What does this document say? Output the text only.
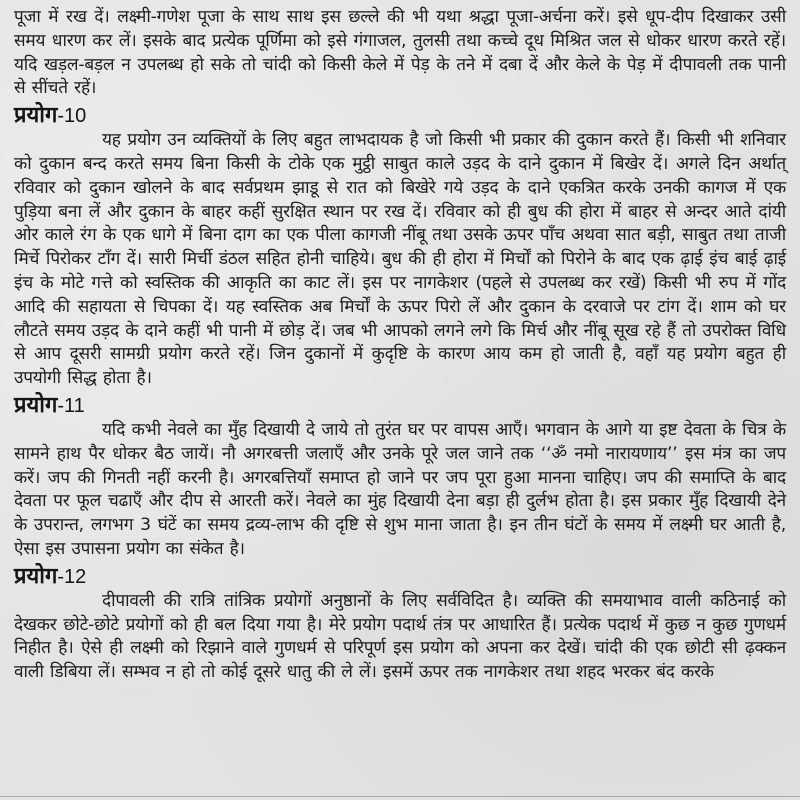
पूजा में रख दें। लक्ष्मी-गणेश पूजा के साथ साथ इस छल्ले की भी यथा श्रद्धा पूजा-अर्चना करें। इसे धूप-दीप दिखाकर उसी समय धारण कर लें। इसके बाद प्रत्येक पूर्णिमा को इसे गंगाजल, तुलसी तथा कच्चे दूध मिश्रित जल से धोकर धारण करते रहें। यदि खड़ल-बड़ल न उपलब्ध हो सके तो चांदी को किसी केले में पेड़ के तने में दबा दें और केले के पेड़ में दीपावली तक पानी से सींचते रहें।

प्रयोग-10

यह प्रयोग उन व्यक्तियों के लिए बहुत लाभदायक है जो किसी भी प्रकार की दुकान करते हैं। किसी भी शनिवार को दुकान बन्द करते समय बिना किसी के टोके एक मुट्ठी साबुत काले उड़द के दाने दुकान में बिखेर दें। अगले दिन अर्थात् रविवार को दुकान खोलने के बाद सर्वप्रथम झाडू से रात को बिखेरे गये उड़द के दाने एकत्रित करके उनकी कागज में एक पुड़िया बना लें और दुकान के बाहर कहीं सुरक्षित स्थान पर रख दें। रविवार को ही बुध की होरा में बाहर से अन्दर आते दांयी ओर काले रंग के एक धागे में बिना दाग का एक पीला कागजी नींबू तथा उसके ऊपर पाँच अथवा सात बड़ी, साबुत तथा ताजी मिर्चे पिरोकर टाँग दें। सारी मिर्ची डंठल सहित होनी चाहिये। बुध की ही होरा में मिर्चों को पिरोने के बाद एक ढ़ाई इंच बाई ढ़ाई इंच के मोटे गत्ते को स्वस्तिक की आकृति का काट लें। इस पर नागकेशर (पहले से उपलब्ध कर रखें) किसी भी रुप में गोंद आदि की सहायता से चिपका दें। यह स्वस्तिक अब मिर्चों के ऊपर पिरो लें और दुकान के दरवाजे पर टांग दें। शाम को घर लौटते समय उड़द के दाने कहीं भी पानी में छोड़ दें। जब भी आपको लगने लगे कि मिर्च और नींबू सूख रहे हैं तो उपरोक्त विधि से आप दूसरी सामग्री प्रयोग करते रहें। जिन दुकानों में कुदृष्टि के कारण आय कम हो जाती है, वहाँ यह प्रयोग बहुत ही उपयोगी सिद्ध होता है।

प्रयोग-11

यदि कभी नेवले का मुँह दिखायी दे जाये तो तुरंत घर पर वापस आएँ। भगवान के आगे या इष्ट देवता के चित्र के सामने हाथ पैर धोकर बैठ जायें। नौ अगरबत्ती जलाएँ और उनके पूरे जल जाने तक ‘‘ॐ नमो नारायणाय’’ इस मंत्र का जप करें। जप की गिनती नहीं करनी है। अगरबत्तियाँ समाप्त हो जाने पर जप पूरा हुआ मानना चाहिए। जप की समाप्ति के बाद देवता पर फूल चढाएँ और दीप से आरती करें। नेवले का मुंह दिखायी देना बड़ा ही दुर्लभ होता है। इस प्रकार मुँह दिखायी देने के उपरान्त, लगभग 3 घंटें का समय द्रव्य-लाभ की दृष्टि से शुभ माना जाता है। इन तीन घंटों के समय में लक्ष्मी घर आती है, ऐसा इस उपासना प्रयोग का संकेत है।

प्रयोग-12

दीपावली की रात्रि तांत्रिक प्रयोगों अनुष्ठानों के लिए सर्वविदित है। व्यक्ति की समयाभाव वाली कठिनाई को देखकर छोटे-छोटे प्रयोगों को ही बल दिया गया है। मेरे प्रयोग पदार्थ तंत्र पर आधारित हैं। प्रत्येक पदार्थ में कुछ न कुछ गुणधर्म निहीत है। ऐसे ही लक्ष्मी को रिझाने वाले गुणधर्म से परिपूर्ण इस प्रयोग को अपना कर देखें। चांदी की एक छोटी सी ढ़क्कन वाली डिबिया लें। सम्भव न हो तो कोई दूसरे धातु की ले लें। इसमें ऊपर तक नागकेशर तथा शहद भरकर बंद करके
